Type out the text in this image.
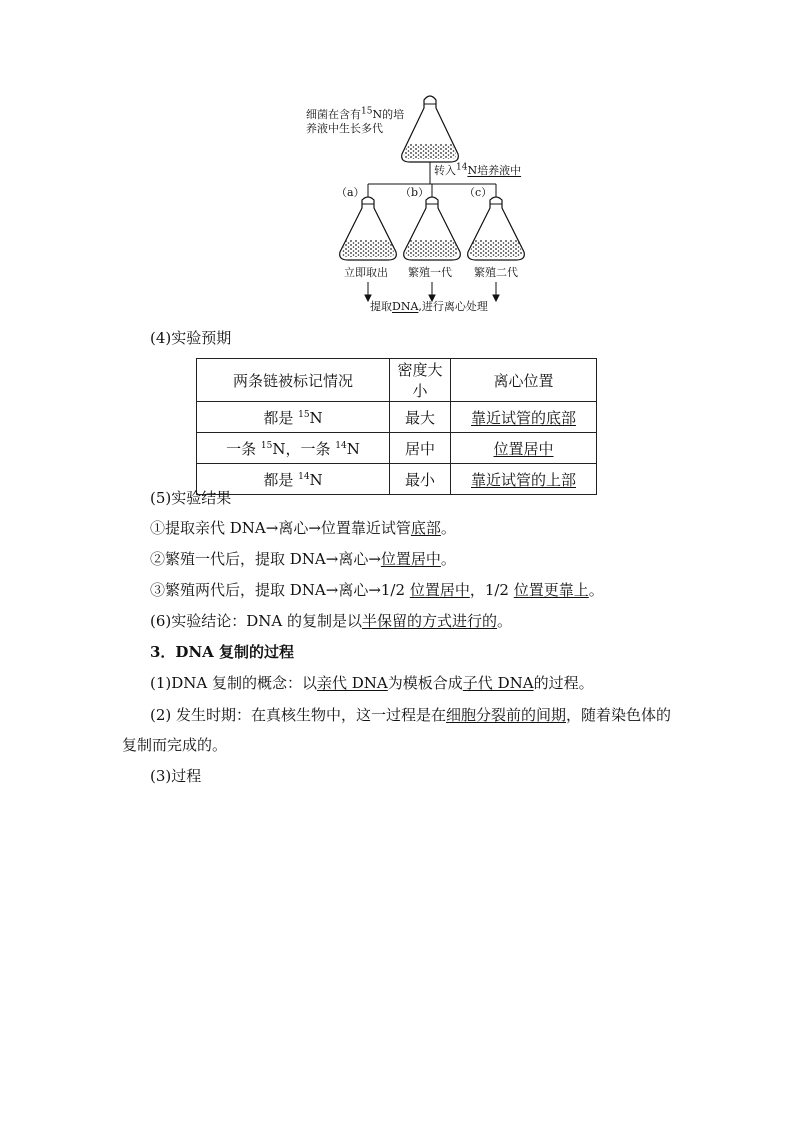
细菌在含有$^{15}$N的培
养液中生长多代
转入$^{14}$N培养液中
（a）	（b）	（c）
立即取出 繁殖一代 繁殖二代
提取DNA,进行离心处理
(4)实验预期
两条链被标记情况	密度大小	离心位置
都是 $^{15}$N	最大	靠近试管的底部
一条 $^{15}$N，一条 $^{14}$N	居中	位置居中
都是 $^{14}$N	最小	靠近试管的上部
(5)实验结果
①提取亲代 DNA→离心→位置靠近试管底部。
②繁殖一代后，提取 DNA→离心→位置居中。
③繁殖两代后，提取 DNA→离心→1/2 位置居中，1/2 位置更靠上。
(6)实验结论：DNA 的复制是以半保留的方式进行的。
3．DNA 复制的过程
(1)DNA 复制的概念：以亲代 DNA为模板合成子代 DNA的过程。
(2) 发生时期：在真核生物中，这一过程是在细胞分裂前的间期，随着染色体的复制而完成的。
(3)过程
